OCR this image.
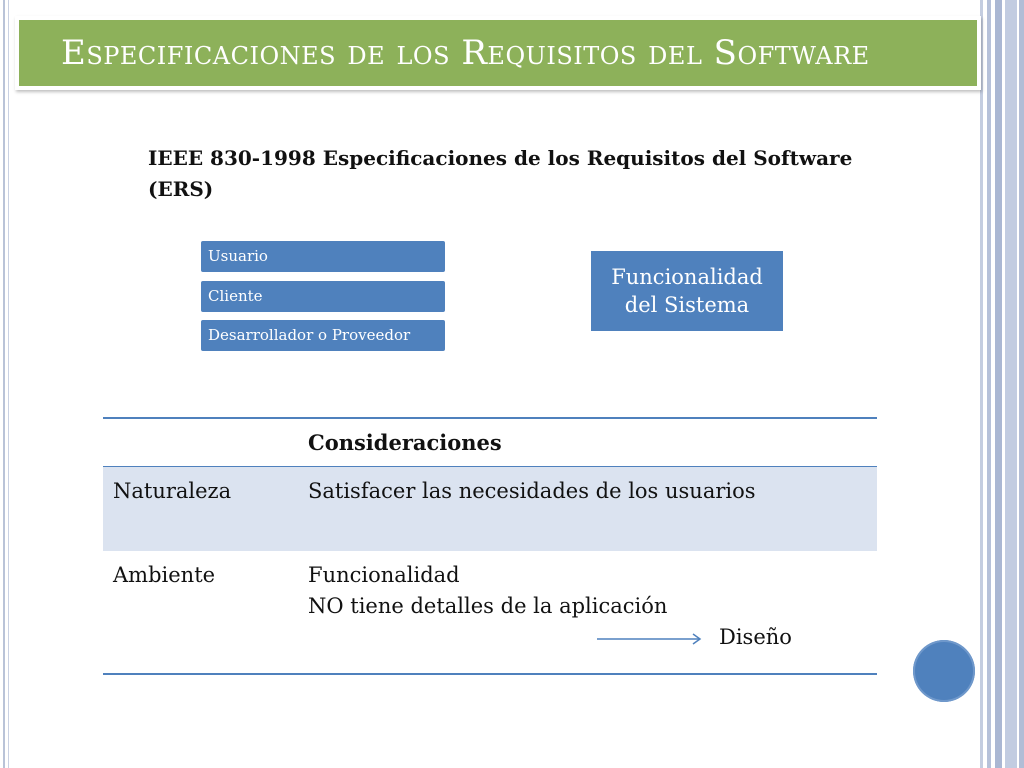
Especificaciones de los Requisitos del Software
IEEE 830-1998 Especificaciones de los Requisitos del Software (ERS)
Usuario
Cliente
Desarrollador o Proveedor
Funcionalidad
del Sistema
Consideraciones
Naturaleza	Satisfacer las necesidades de los usuarios
Ambiente	Funcionalidad
NO tiene detalles de la aplicación
Diseño
